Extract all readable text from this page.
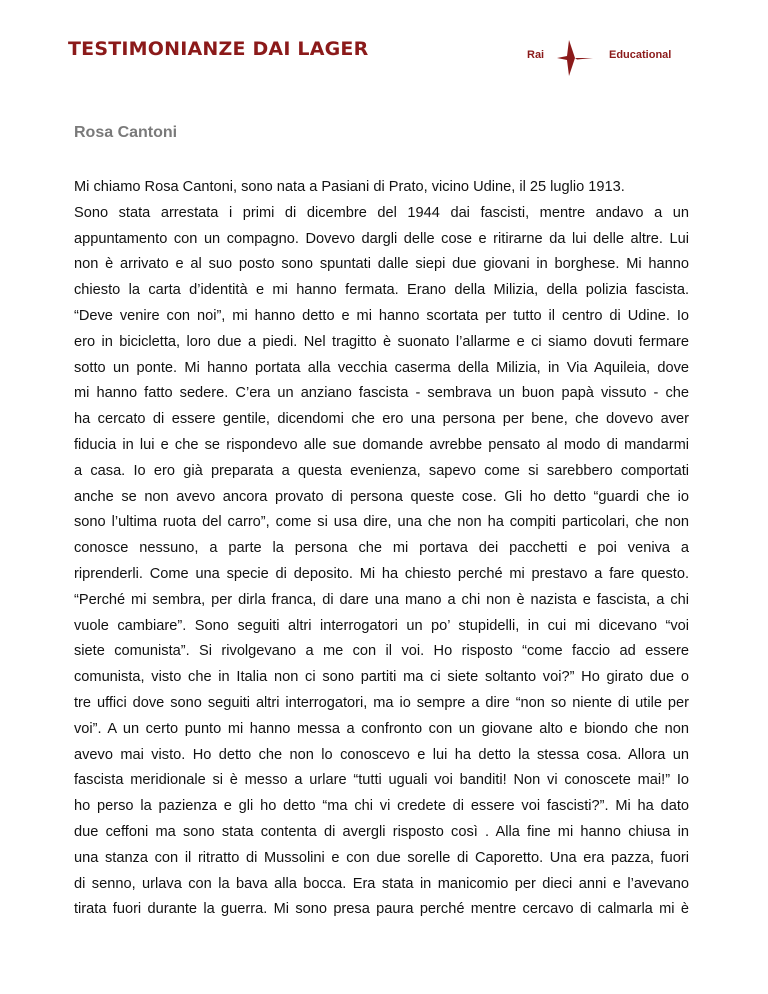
TESTIMONIANZE DAI LAGER	Rai	Educational
Rosa Cantoni
Mi chiamo Rosa Cantoni, sono nata a Pasiani di Prato, vicino Udine, il 25 luglio 1913.
Sono stata arrestata i primi di dicembre del 1944 dai fascisti, mentre andavo a un
appuntamento con un compagno. Dovevo dargli delle cose e ritirarne da lui delle altre. Lui
non è arrivato e al suo posto sono spuntati dalle siepi due giovani in borghese. Mi hanno
chiesto la carta d’identità e mi hanno fermata. Erano della Milizia, della polizia fascista.
“Deve venire con noi”, mi hanno detto e mi hanno scortata per tutto il centro di Udine. Io
ero in bicicletta, loro due a piedi. Nel tragitto è suonato l’allarme e ci siamo dovuti fermare
sotto un ponte. Mi hanno portata alla vecchia caserma della Milizia, in Via Aquileia, dove
mi hanno fatto sedere. C’era un anziano fascista - sembrava un buon papà vissuto - che
ha cercato di essere gentile, dicendomi che ero una persona per bene, che dovevo aver
fiducia in lui e che se rispondevo alle sue domande avrebbe pensato al modo di mandarmi
a casa. Io ero già preparata a questa evenienza, sapevo come si sarebbero comportati
anche se non avevo ancora provato di persona queste cose. Gli ho detto “guardi che io
sono l’ultima ruota del carro”, come si usa dire, una che non ha compiti particolari, che non
conosce nessuno, a parte la persona che mi portava dei pacchetti e poi veniva a
riprenderli. Come una specie di deposito. Mi ha chiesto perché mi prestavo a fare questo.
“Perché mi sembra, per dirla franca, di dare una mano a chi non è nazista e fascista, a chi
vuole cambiare”. Sono seguiti altri interrogatori un po’ stupidelli, in cui mi dicevano “voi
siete comunista”. Si rivolgevano a me con il voi. Ho risposto “come faccio ad essere
comunista, visto che in Italia non ci sono partiti ma ci siete soltanto voi?” Ho girato due o
tre uffici dove sono seguiti altri interrogatori, ma io sempre a dire “non so niente di utile per
voi”. A un certo punto mi hanno messa a confronto con un giovane alto e biondo che non
avevo mai visto. Ho detto che non lo conoscevo e lui ha detto la stessa cosa. Allora un
fascista meridionale si è messo a urlare “tutti uguali voi banditi! Non vi conoscete mai!” Io
ho perso la pazienza e gli ho detto “ma chi vi credete di essere voi fascisti?”. Mi ha dato
due ceffoni ma sono stata contenta di avergli risposto così . Alla fine mi hanno chiusa in
una stanza con il ritratto di Mussolini e con due sorelle di Caporetto. Una era pazza, fuori
di senno, urlava con la bava alla bocca. Era stata in manicomio per dieci anni e l’avevano
tirata fuori durante la guerra. Mi sono presa paura perché mentre cercavo di calmarla mi è
